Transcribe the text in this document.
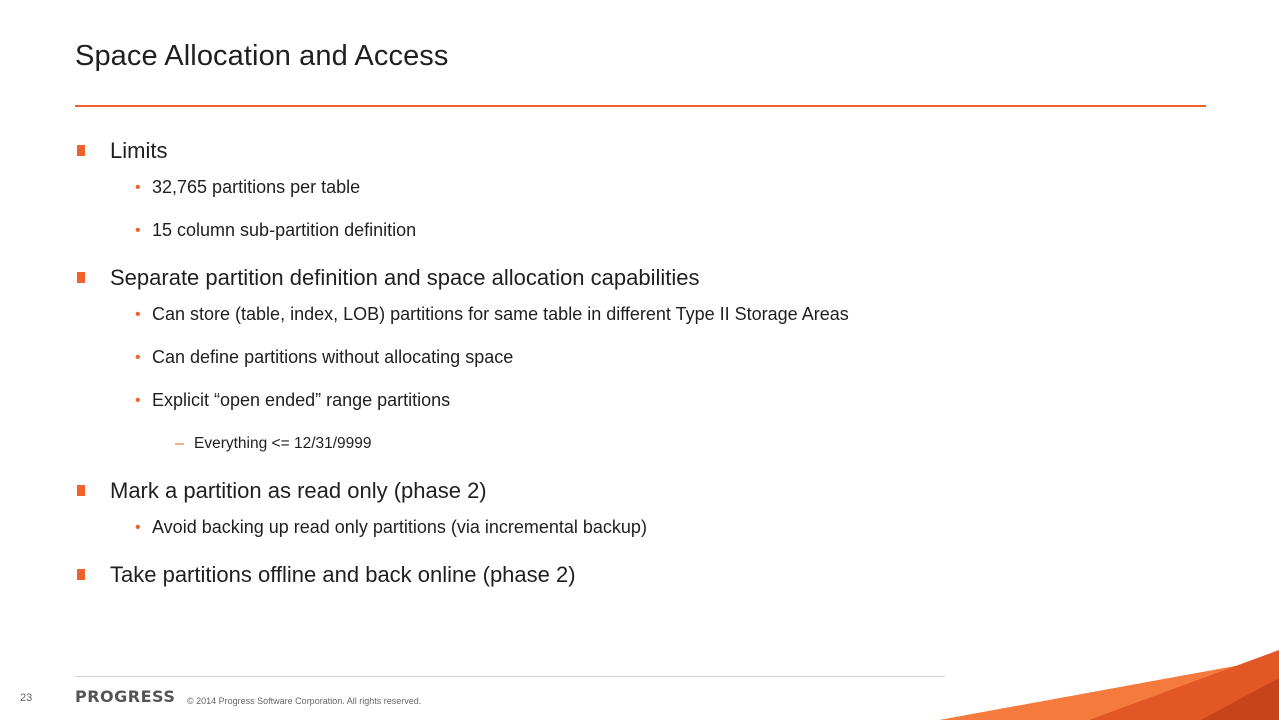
Space Allocation and Access
Limits
• 32,765 partitions per table
• 15 column sub-partition definition
Separate partition definition and space allocation capabilities
• Can store (table, index, LOB) partitions for same table in different Type II Storage Areas
• Can define partitions without allocating space
• Explicit “open ended” range partitions
– Everything <= 12/31/9999
Mark a partition as read only (phase 2)
• Avoid backing up read only partitions (via incremental backup)
Take partitions offline and back online (phase 2)
23	PROGRESS © 2014 Progress Software Corporation. All rights reserved.
